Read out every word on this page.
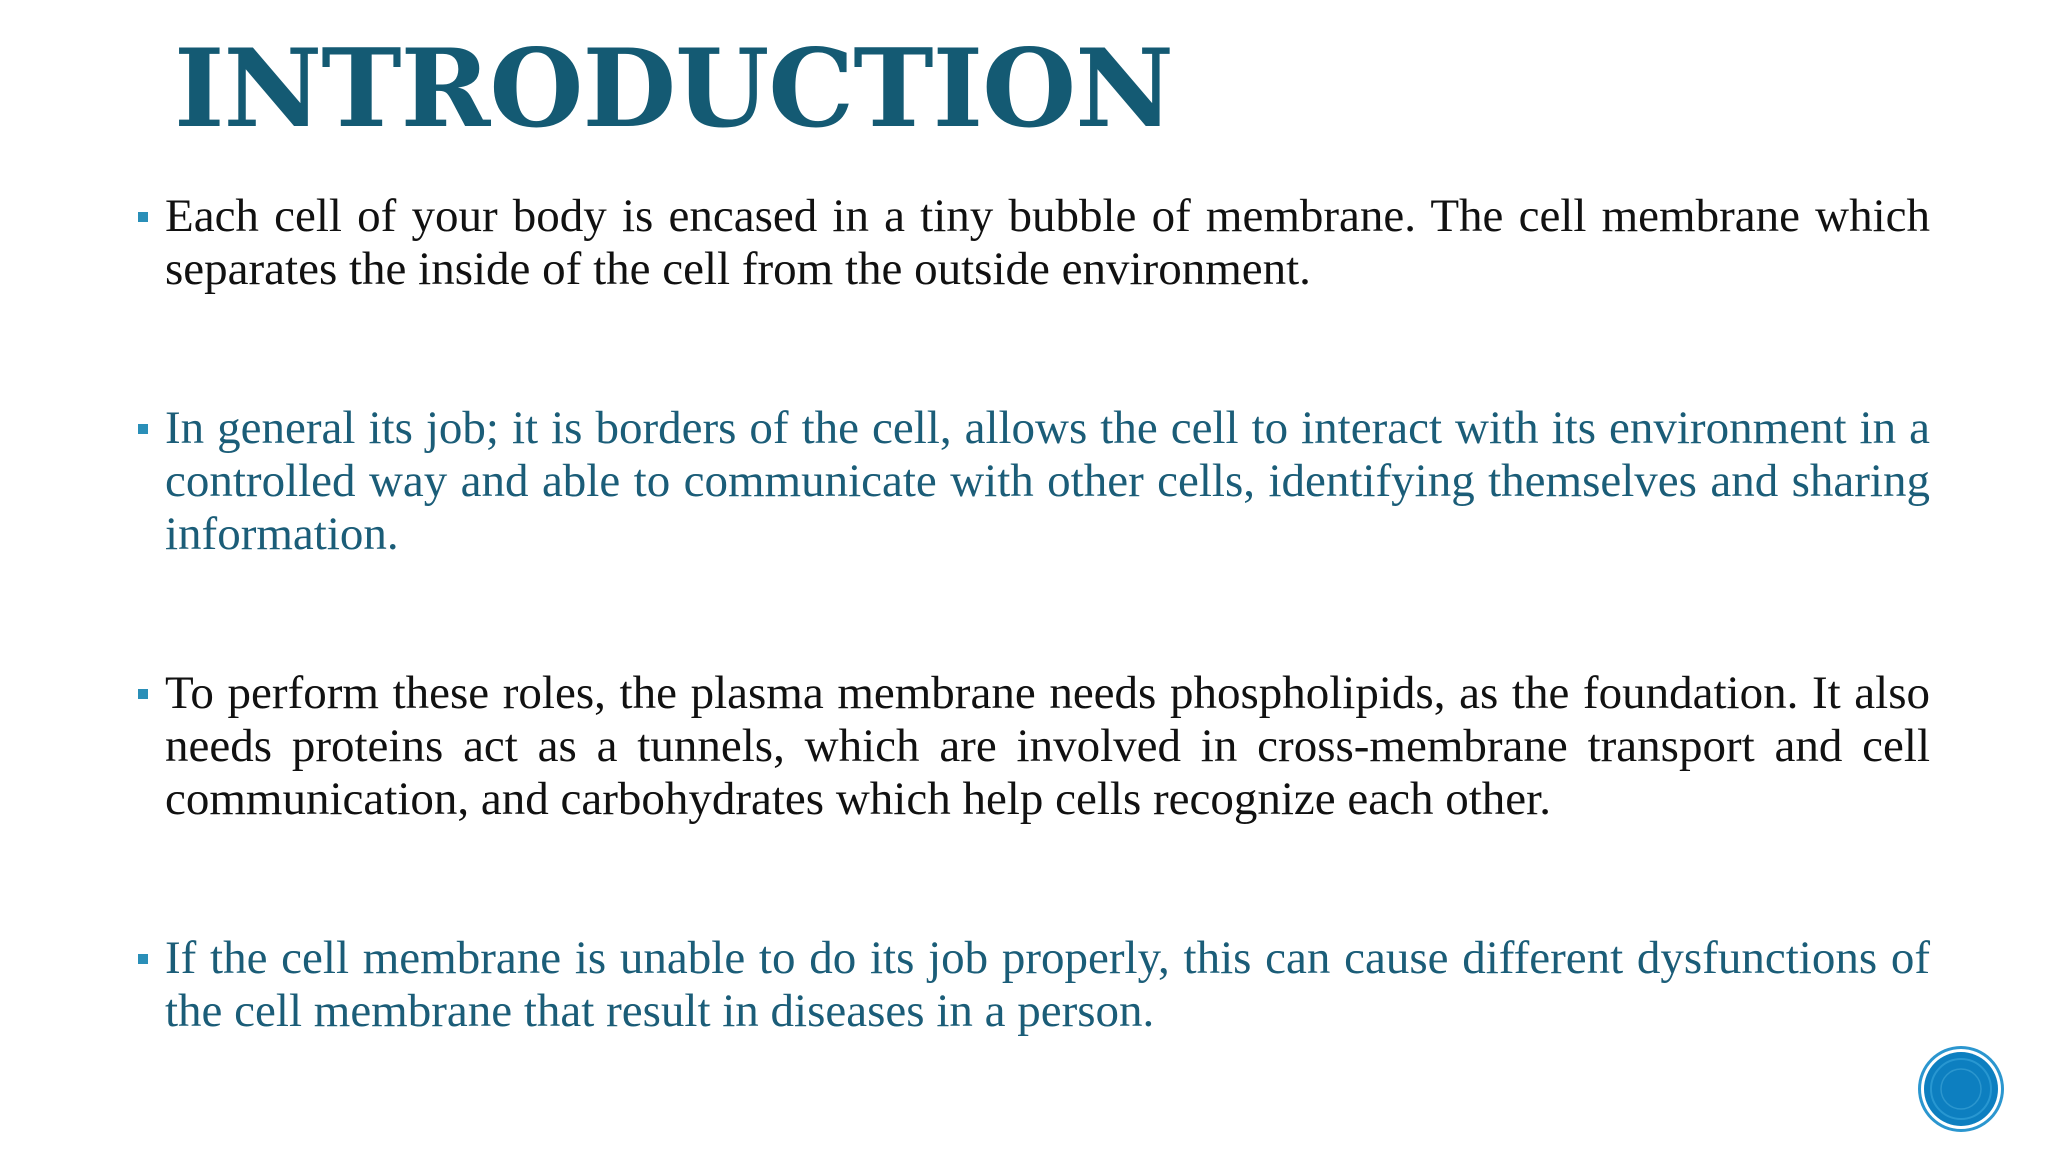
INTRODUCTION
Each cell of your body is encased in a tiny bubble of membrane. The cell membrane which separates the inside of the cell from the outside environment.
In general its job; it is borders of the cell, allows the cell to interact with its environment in a controlled way and able to communicate with other cells, identifying themselves and sharing information.
To perform these roles, the plasma membrane needs phospholipids, as the foundation. It also needs proteins act as a tunnels, which are involved in cross-membrane transport and cell communication, and carbohydrates which help cells recognize each other.
If the cell membrane is unable to do its job properly, this can cause different dysfunctions of the cell membrane that result in diseases in a person.
